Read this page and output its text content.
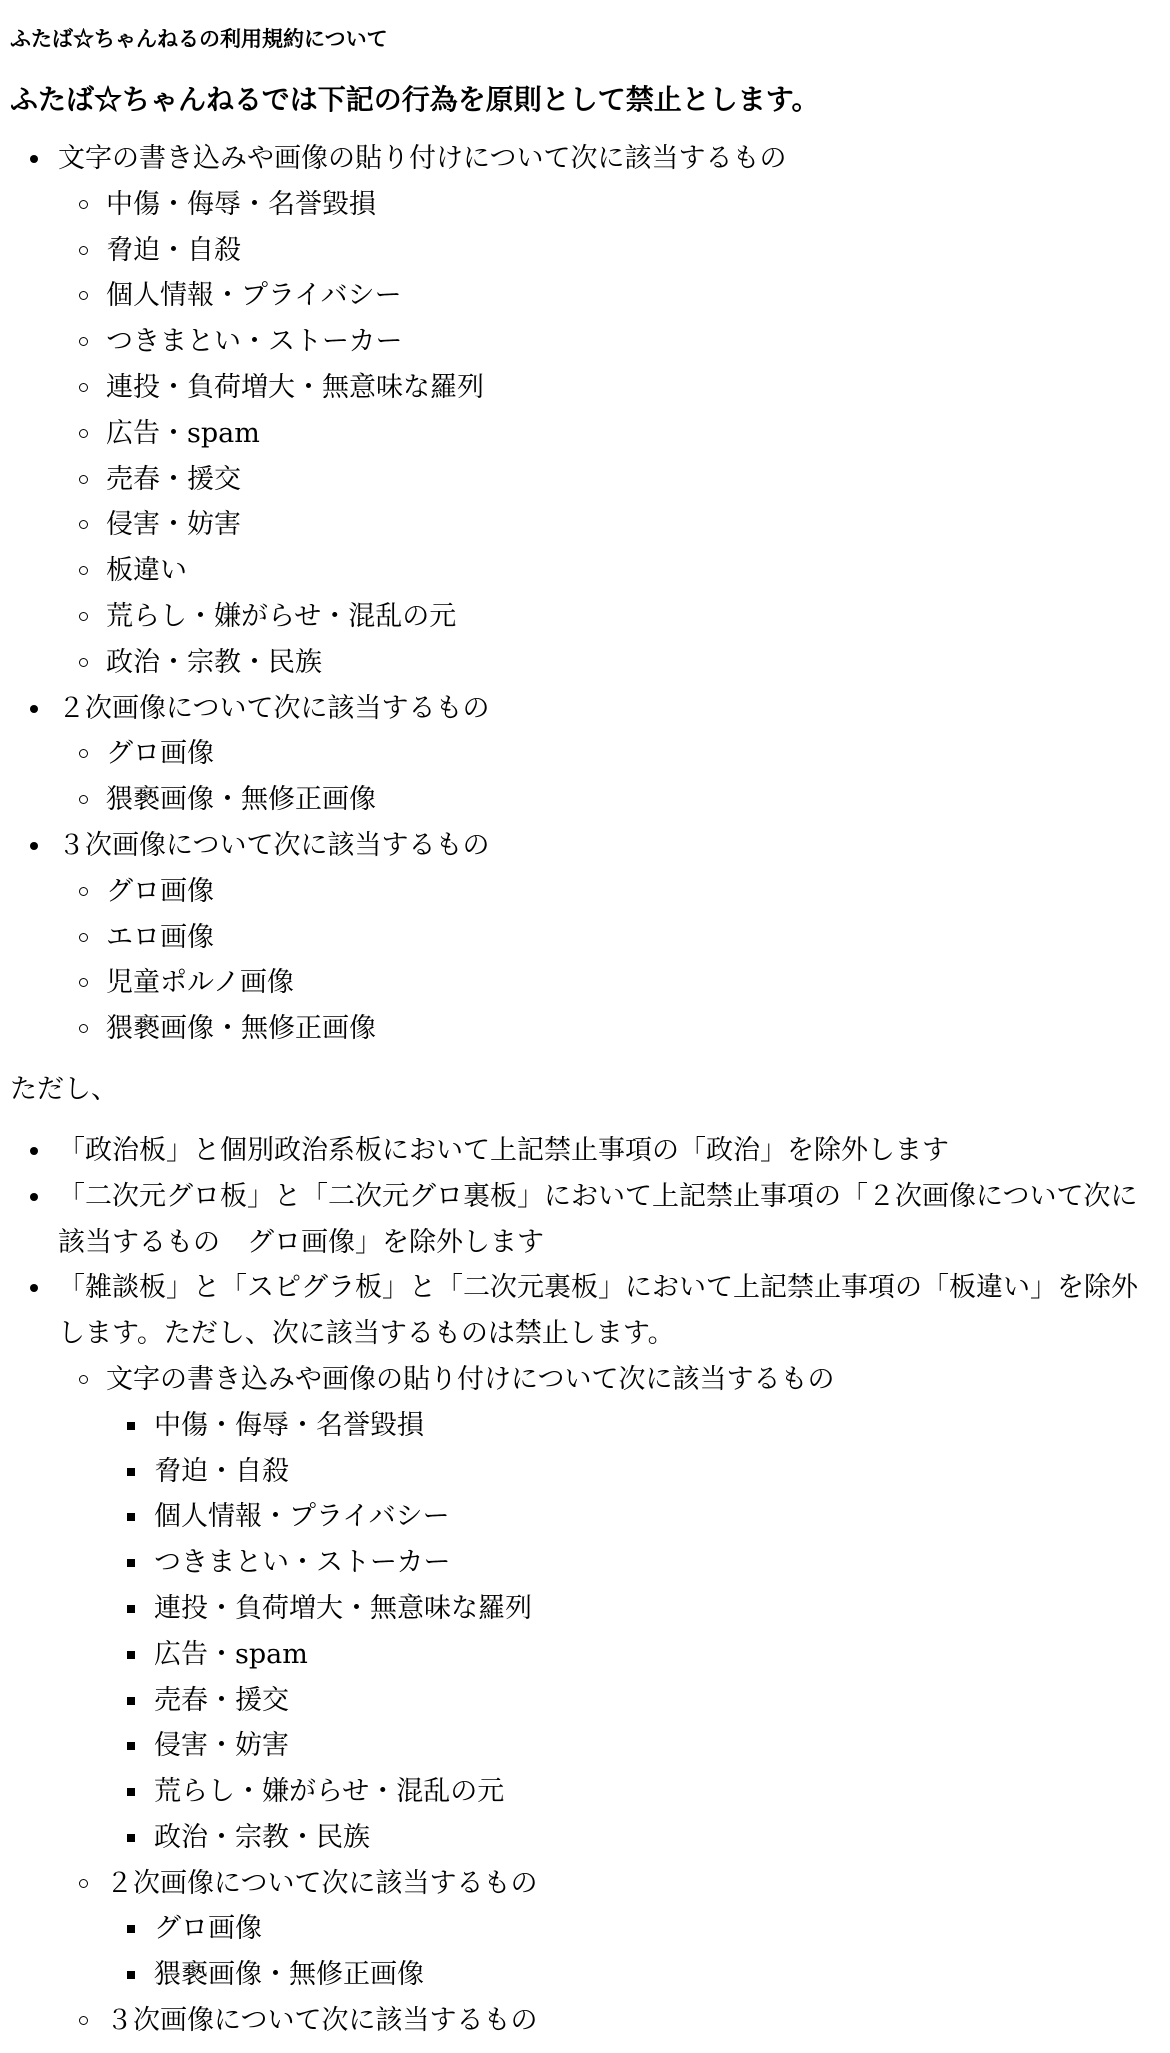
ふたば☆ちゃんねるの利用規約について
ふたば☆ちゃんねるでは下記の行為を原則として禁止とします。
文字の書き込みや画像の貼り付けについて次に該当するもの
中傷・侮辱・名誉毀損
脅迫・自殺
個人情報・プライバシー
つきまとい・ストーカー
連投・負荷増大・無意味な羅列
広告・spam
売春・援交
侵害・妨害
板違い
荒らし・嫌がらせ・混乱の元
政治・宗教・民族
２次画像について次に該当するもの
グロ画像
猥褻画像・無修正画像
３次画像について次に該当するもの
グロ画像
エロ画像
児童ポルノ画像
猥褻画像・無修正画像
ただし、
「政治板」と個別政治系板において上記禁止事項の「政治」を除外します
「二次元グロ板」と「二次元グロ裏板」において上記禁止事項の「２次画像について次に該当するもの　グロ画像」を除外します
「雑談板」と「スピグラ板」と「二次元裏板」において上記禁止事項の「板違い」を除外します。ただし、次に該当するものは禁止します。
文字の書き込みや画像の貼り付けについて次に該当するもの
中傷・侮辱・名誉毀損
脅迫・自殺
個人情報・プライバシー
つきまとい・ストーカー
連投・負荷増大・無意味な羅列
広告・spam
売春・援交
侵害・妨害
荒らし・嫌がらせ・混乱の元
政治・宗教・民族
２次画像について次に該当するもの
グロ画像
猥褻画像・無修正画像
３次画像について次に該当するもの
